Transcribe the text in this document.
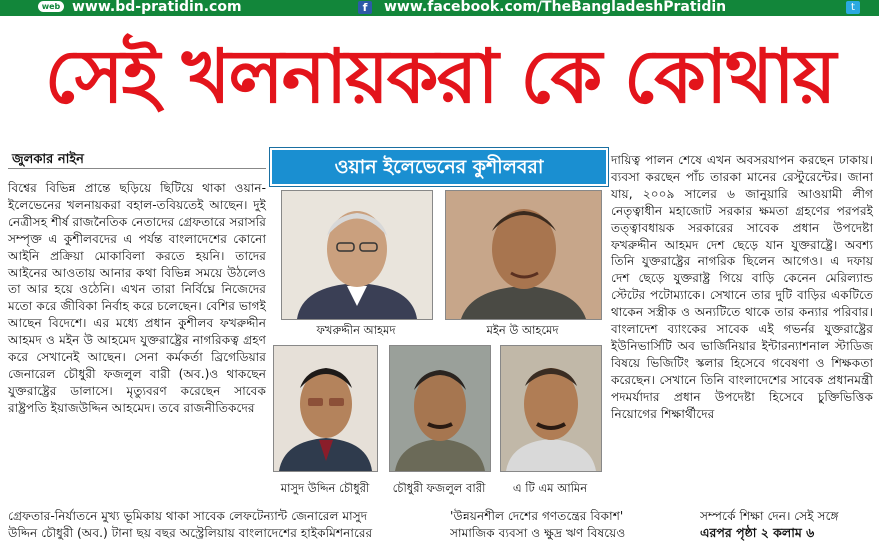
web www.bd-pratidin.com	f	www.facebook.com/TheBangladeshPratidin	t
সেই খলনায়করা কে কোথায়
জুলকার নাইন

বিশ্বের বিভিন্ন প্রান্তে ছড়িয়ে ছিটিয়ে থাকা ওয়ান-ইলেভেনের খলনায়করা বহাল-তবিয়তেই আছেন। দুই নেত্রীসহ শীর্ষ রাজনৈতিক নেতাদের গ্রেফতারে সরাসরি সম্পৃক্ত এ কুশীলবদের এ পর্যন্ত বাংলাদেশের কোনো আইনি প্রক্রিয়া মোকাবিলা করতে হয়নি। তাদের আইনের আওতায় আনার কথা বিভিন্ন সময়ে উঠলেও তা আর হয়ে ওঠেনি। এখন তারা নির্বিঘ্নে নিজেদের মতো করে জীবিকা নির্বাহ করে চলেছেন। বেশির ভাগই আছেন বিদেশে। এর মধ্যে প্রধান কুশীলব ফখরুদ্দীন আহমদ ও মইন উ আহমেদ যুক্তরাষ্ট্রের নাগরিকত্ব গ্রহণ করে সেখানেই আছেন। সেনা কর্মকর্তা ব্রিগেডিয়ার জেনারেল চৌধুরী ফজলুল বারী (অব.)ও থাকছেন যুক্তরাষ্ট্রের ডালাসে। মৃত্যুবরণ করেছেন সাবেক রাষ্ট্রপতি ইয়াজউদ্দিন আহমেদ। তবে রাজনীতিকদের

গ্রেফতার-নির্যাতনে মুখ্য ভূমিকায় থাকা সাবেক লেফটেন্যান্ট জেনারেল মাসুদ
উদ্দিন চৌধুরী (অব.) টানা ছয় বছর অস্ট্রেলিয়ায় বাংলাদেশের হাইকমিশনারের
'উন্নয়নশীল দেশের গণতন্ত্রের বিকাশ'
সামাজিক ব্যবসা ও ক্ষুদ্র ঋণ বিষয়েও
ওয়ান ইলেভেনের কুশীলবরা
ফখরুদ্দীন আহমদ	মইন উ আহমেদ
মাসুদ উদ্দিন চৌধুরী	চৌধুরী ফজলুল বারী	এ টি এম আমিন

দায়িত্ব পালন শেষে এখন অবসরযাপন করছেন ঢাকায়। ব্যবসা করছেন পাঁচ তারকা মানের রেস্টুরেন্টের। জানা যায়, ২০০৯ সালের ৬ জানুয়ারি আওয়ামী লীগ নেতৃত্বাধীন মহাজোট সরকার ক্ষমতা গ্রহণের পরপরই তত্ত্বাবধায়ক সরকারের সাবেক প্রধান উপদেষ্টা ফখরুদ্দীন আহমদ দেশ ছেড়ে যান যুক্তরাষ্ট্রে। অবশ্য তিনি যুক্তরাষ্ট্রের নাগরিক ছিলেন আগেও। এ দফায় দেশ ছেড়ে যুক্তরাষ্ট্র গিয়ে বাড়ি কেনেন মেরিল্যান্ড স্টেটের পটোম্যাকে। সেখানে তার দুটি বাড়ির একটিতে থাকেন সস্ত্রীক ও অন্যটিতে থাকে তার কন্যার পরিবার। বাংলাদেশ ব্যাংকের সাবেক এই গভর্নর যুক্তরাষ্ট্রের ইউনিভার্সিটি অব ভার্জিনিয়ার ইন্টারন্যাশনাল স্টাডিজ বিষয়ে ভিজিটিং স্কলার হিসেবে গবেষণা ও শিক্ষকতা করেছেন। সেখানে তিনি বাংলাদেশের সাবেক প্রধানমন্ত্রী পদমর্যাদার প্রধান উপদেষ্টা হিসেবে চুক্তিভিত্তিক নিয়োগের শিক্ষার্থীদের

সম্পর্কে শিক্ষা দেন। সেই সঙ্গে
এরপর পৃষ্ঠা ২ কলাম ৬
